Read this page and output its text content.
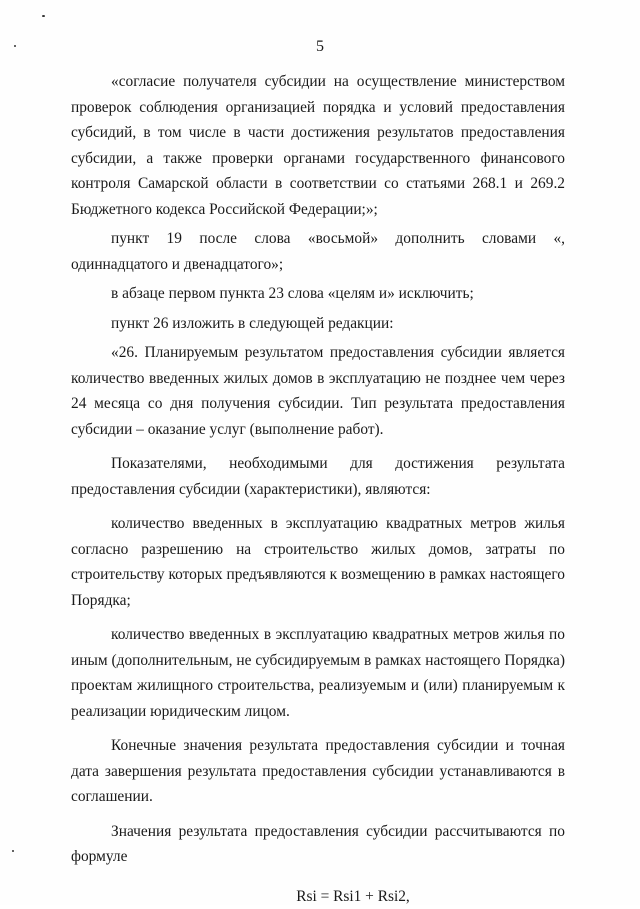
5

«согласие получателя субсидии на осуществление министерством проверок соблюдения организацией порядка и условий предоставления субсидий, в том числе в части достижения результатов предоставления субсидии, а также проверки органами государственного финансового контроля Самарской области в соответствии со статьями 268.1 и 269.2 Бюджетного кодекса Российской Федерации;»;

пункт 19 после слова «восьмой» дополнить словами «, одиннадцатого и двенадцатого»;

в абзаце первом пункта 23 слова «целям и» исключить;

пункт 26 изложить в следующей редакции:

«26. Планируемым результатом предоставления субсидии является количество введенных жилых домов в эксплуатацию не позднее чем через 24 месяца со дня получения субсидии. Тип результата предоставления субсидии – оказание услуг (выполнение работ).

Показателями, необходимыми для достижения результата предоставления субсидии (характеристики), являются:

количество введенных в эксплуатацию квадратных метров жилья согласно разрешению на строительство жилых домов, затраты по строительству которых предъявляются к возмещению в рамках настоящего Порядка;

количество введенных в эксплуатацию квадратных метров жилья по иным (дополнительным, не субсидируемым в рамках настоящего Порядка) проектам жилищного строительства, реализуемым и (или) планируемым к реализации юридическим лицом.

Конечные значения результата предоставления субсидии и точная дата завершения результата предоставления субсидии устанавливаются в соглашении.

Значения результата предоставления субсидии рассчитываются по формуле

Rsi = Rsi1 + Rsi2,
